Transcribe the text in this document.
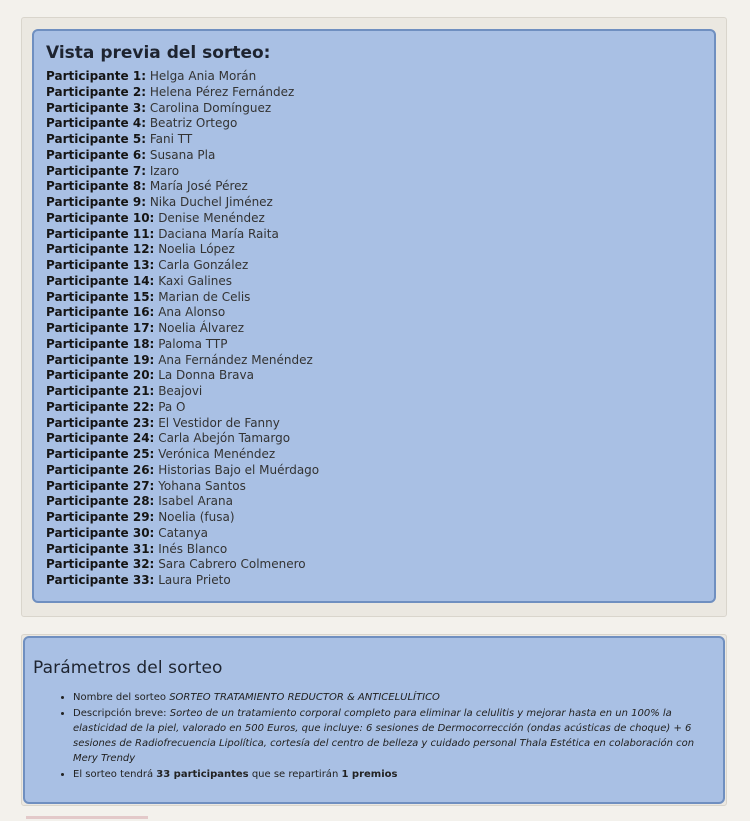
Vista previa del sorteo:
Participante 1: Helga Ania Morán
Participante 2: Helena Pérez Fernández
Participante 3: Carolina Domínguez
Participante 4: Beatriz Ortego
Participante 5: Fani TT
Participante 6: Susana Pla
Participante 7: Izaro
Participante 8: María José Pérez
Participante 9: Nika Duchel Jiménez
Participante 10: Denise Menéndez
Participante 11: Daciana María Raita
Participante 12: Noelia López
Participante 13: Carla González
Participante 14: Kaxi Galines
Participante 15: Marian de Celis
Participante 16: Ana Alonso
Participante 17: Noelia Álvarez
Participante 18: Paloma TTP
Participante 19: Ana Fernández Menéndez
Participante 20: La Donna Brava
Participante 21: Beajovi
Participante 22: Pa O
Participante 23: El Vestidor de Fanny
Participante 24: Carla Abejón Tamargo
Participante 25: Verónica Menéndez
Participante 26: Historias Bajo el Muérdago
Participante 27: Yohana Santos
Participante 28: Isabel Arana
Participante 29: Noelia (fusa)
Participante 30: Catanya
Participante 31: Inés Blanco
Participante 32: Sara Cabrero Colmenero
Participante 33: Laura Prieto
Parámetros del sorteo
• Nombre del sorteo SORTEO TRATAMIENTO REDUCTOR & ANTICELULÍTICO
• Descripción breve: Sorteo de un tratamiento corporal completo para eliminar la celulitis y mejorar hasta en un 100% la elasticidad de la piel, valorado en 500 Euros, que incluye: 6 sesiones de Dermocorrección (ondas acústicas de choque) + 6 sesiones de Radiofrecuencia Lipolítica, cortesía del centro de belleza y cuidado personal Thala Estética en colaboración con Mery Trendy
• El sorteo tendrá 33 participantes que se repartirán 1 premios
